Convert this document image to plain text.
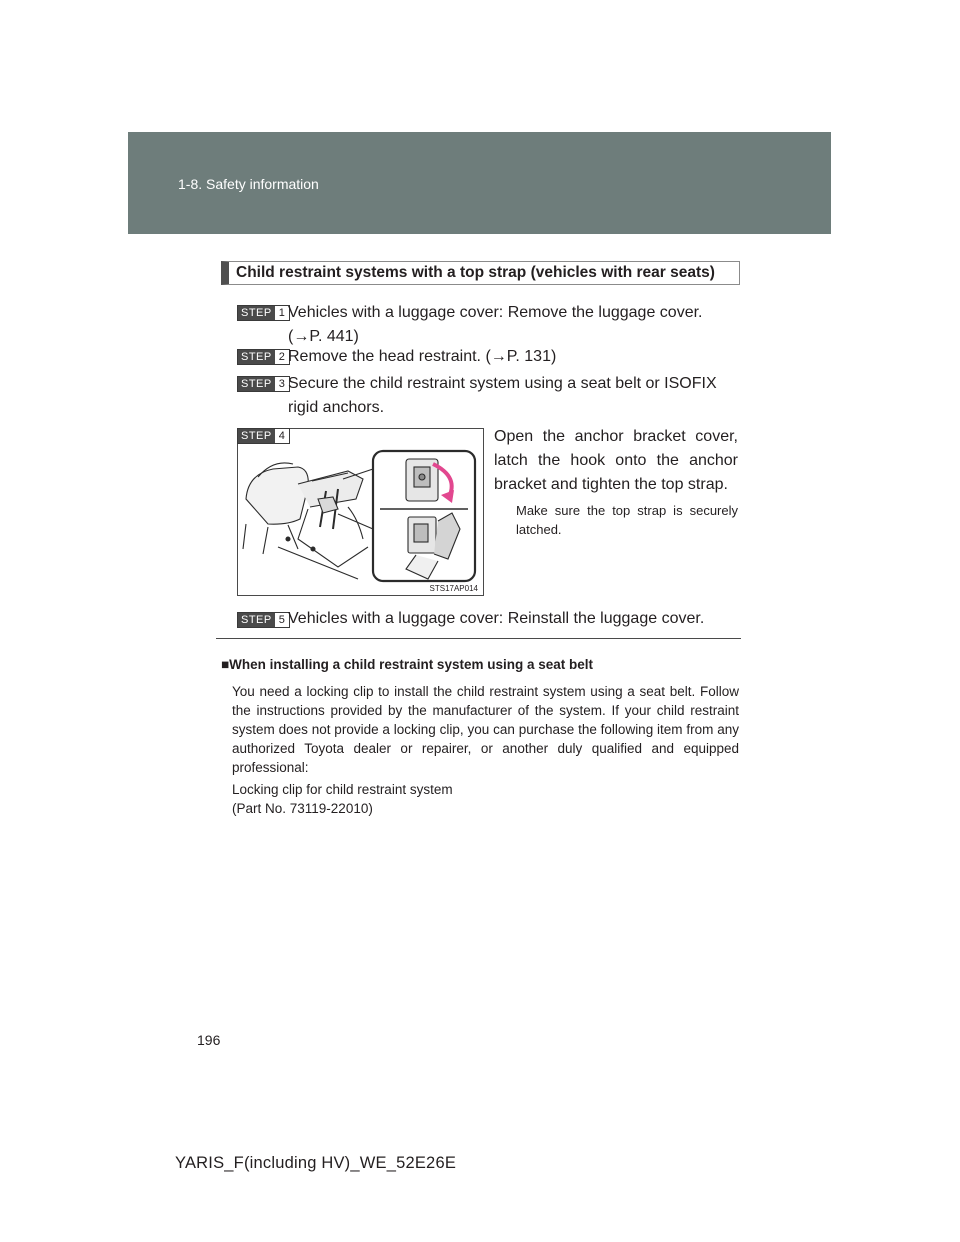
1-8. Safety information
Child restraint systems with a top strap (vehicles with rear seats)
STEP 1 Vehicles with a luggage cover: Remove the luggage cover.
(→P. 441)
STEP 2 Remove the head restraint. (→P. 131)
STEP 3 Secure the child restraint system using a seat belt or ISOFIX
rigid anchors.
STEP 4
STS17AP014
Open the anchor bracket cover, latch the hook onto the anchor bracket and tighten the top strap.
Make sure the top strap is securely latched.
STEP 5 Vehicles with a luggage cover: Reinstall the luggage cover.
■When installing a child restraint system using a seat belt
You need a locking clip to install the child restraint system using a seat belt. Follow the instructions provided by the manufacturer of the system. If your child restraint system does not provide a locking clip, you can purchase the following item from any authorized Toyota dealer or repairer, or another duly qualified and equipped professional:
Locking clip for child restraint system
(Part No. 73119-22010)
196
YARIS_F(including HV)_WE_52E26E
